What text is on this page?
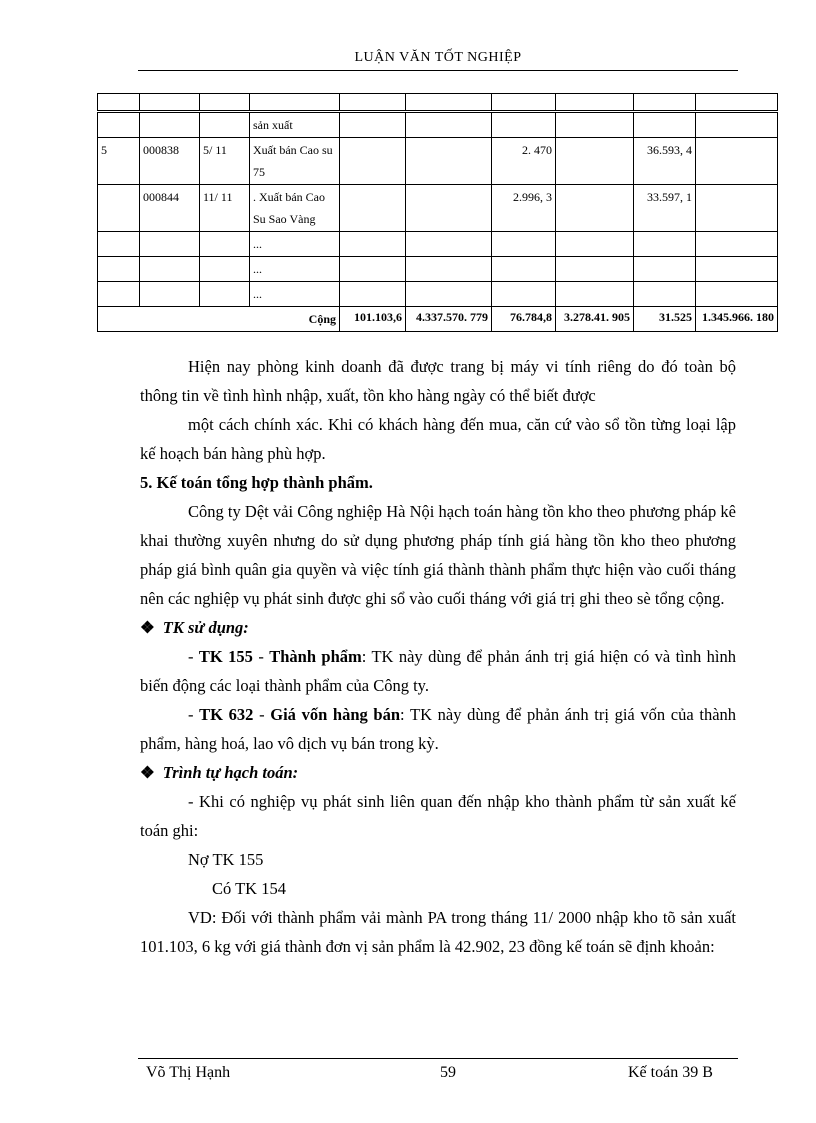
LUẬN VĂN TỐT NGHIỆP

			sản xuất						
5	000838	5/ 11	Xuất bán Cao su 75			2. 470		36.593, 4	
	000844	11/ 11	. Xuất bán Cao Su Sao Vàng			2.996, 3		33.597, 1	
			...						
			...						
			...						
Cộng				101.103,6	4.337.570. 779	76.784,8	3.278.41. 905	31.525	1.345.966. 180

Hiện nay phòng kinh doanh đã được trang bị máy vi tính riêng do đó toàn bộ thông tin về tình hình nhập, xuất, tồn kho hàng ngày có thể biết được

một cách chính xác. Khi có khách hàng đến mua, căn cứ vào sổ tồn từng loại lập kế hoạch bán hàng phù hợp.

5. Kế toán tổng hợp thành phẩm.

Công ty Dệt vải Công nghiệp Hà Nội hạch toán hàng tồn kho theo phương pháp kê khai thường xuyên nhưng do sử dụng phương pháp tính giá hàng tồn kho theo phương pháp giá bình quân gia quyền và việc tính giá thành thành phẩm thực hiện vào cuối tháng nên các nghiệp vụ phát sinh được ghi sổ vào cuối tháng với giá trị ghi theo sè tổng cộng.

❖ TK sử dụng:

- TK 155 - Thành phẩm: TK này dùng để phản ánh trị giá hiện có và tình hình biến động các loại thành phẩm của Công ty.

- TK 632 - Giá vốn hàng bán: TK này dùng để phản ánh trị giá vốn của thành phẩm, hàng hoá, lao vô dịch vụ bán trong kỳ.

❖ Trình tự hạch toán:

- Khi có nghiệp vụ phát sinh liên quan đến nhập kho thành phẩm từ sản xuất kế toán ghi:

Nợ TK 155

Có TK 154

VD: Đối với thành phẩm vải mành PA trong tháng 11/ 2000 nhập kho tõ sản xuất 101.103, 6 kg với giá thành đơn vị sản phẩm là 42.902, 23 đồng kế toán sẽ định khoản:

Võ Thị Hạnh	59	Kế toán 39 B
